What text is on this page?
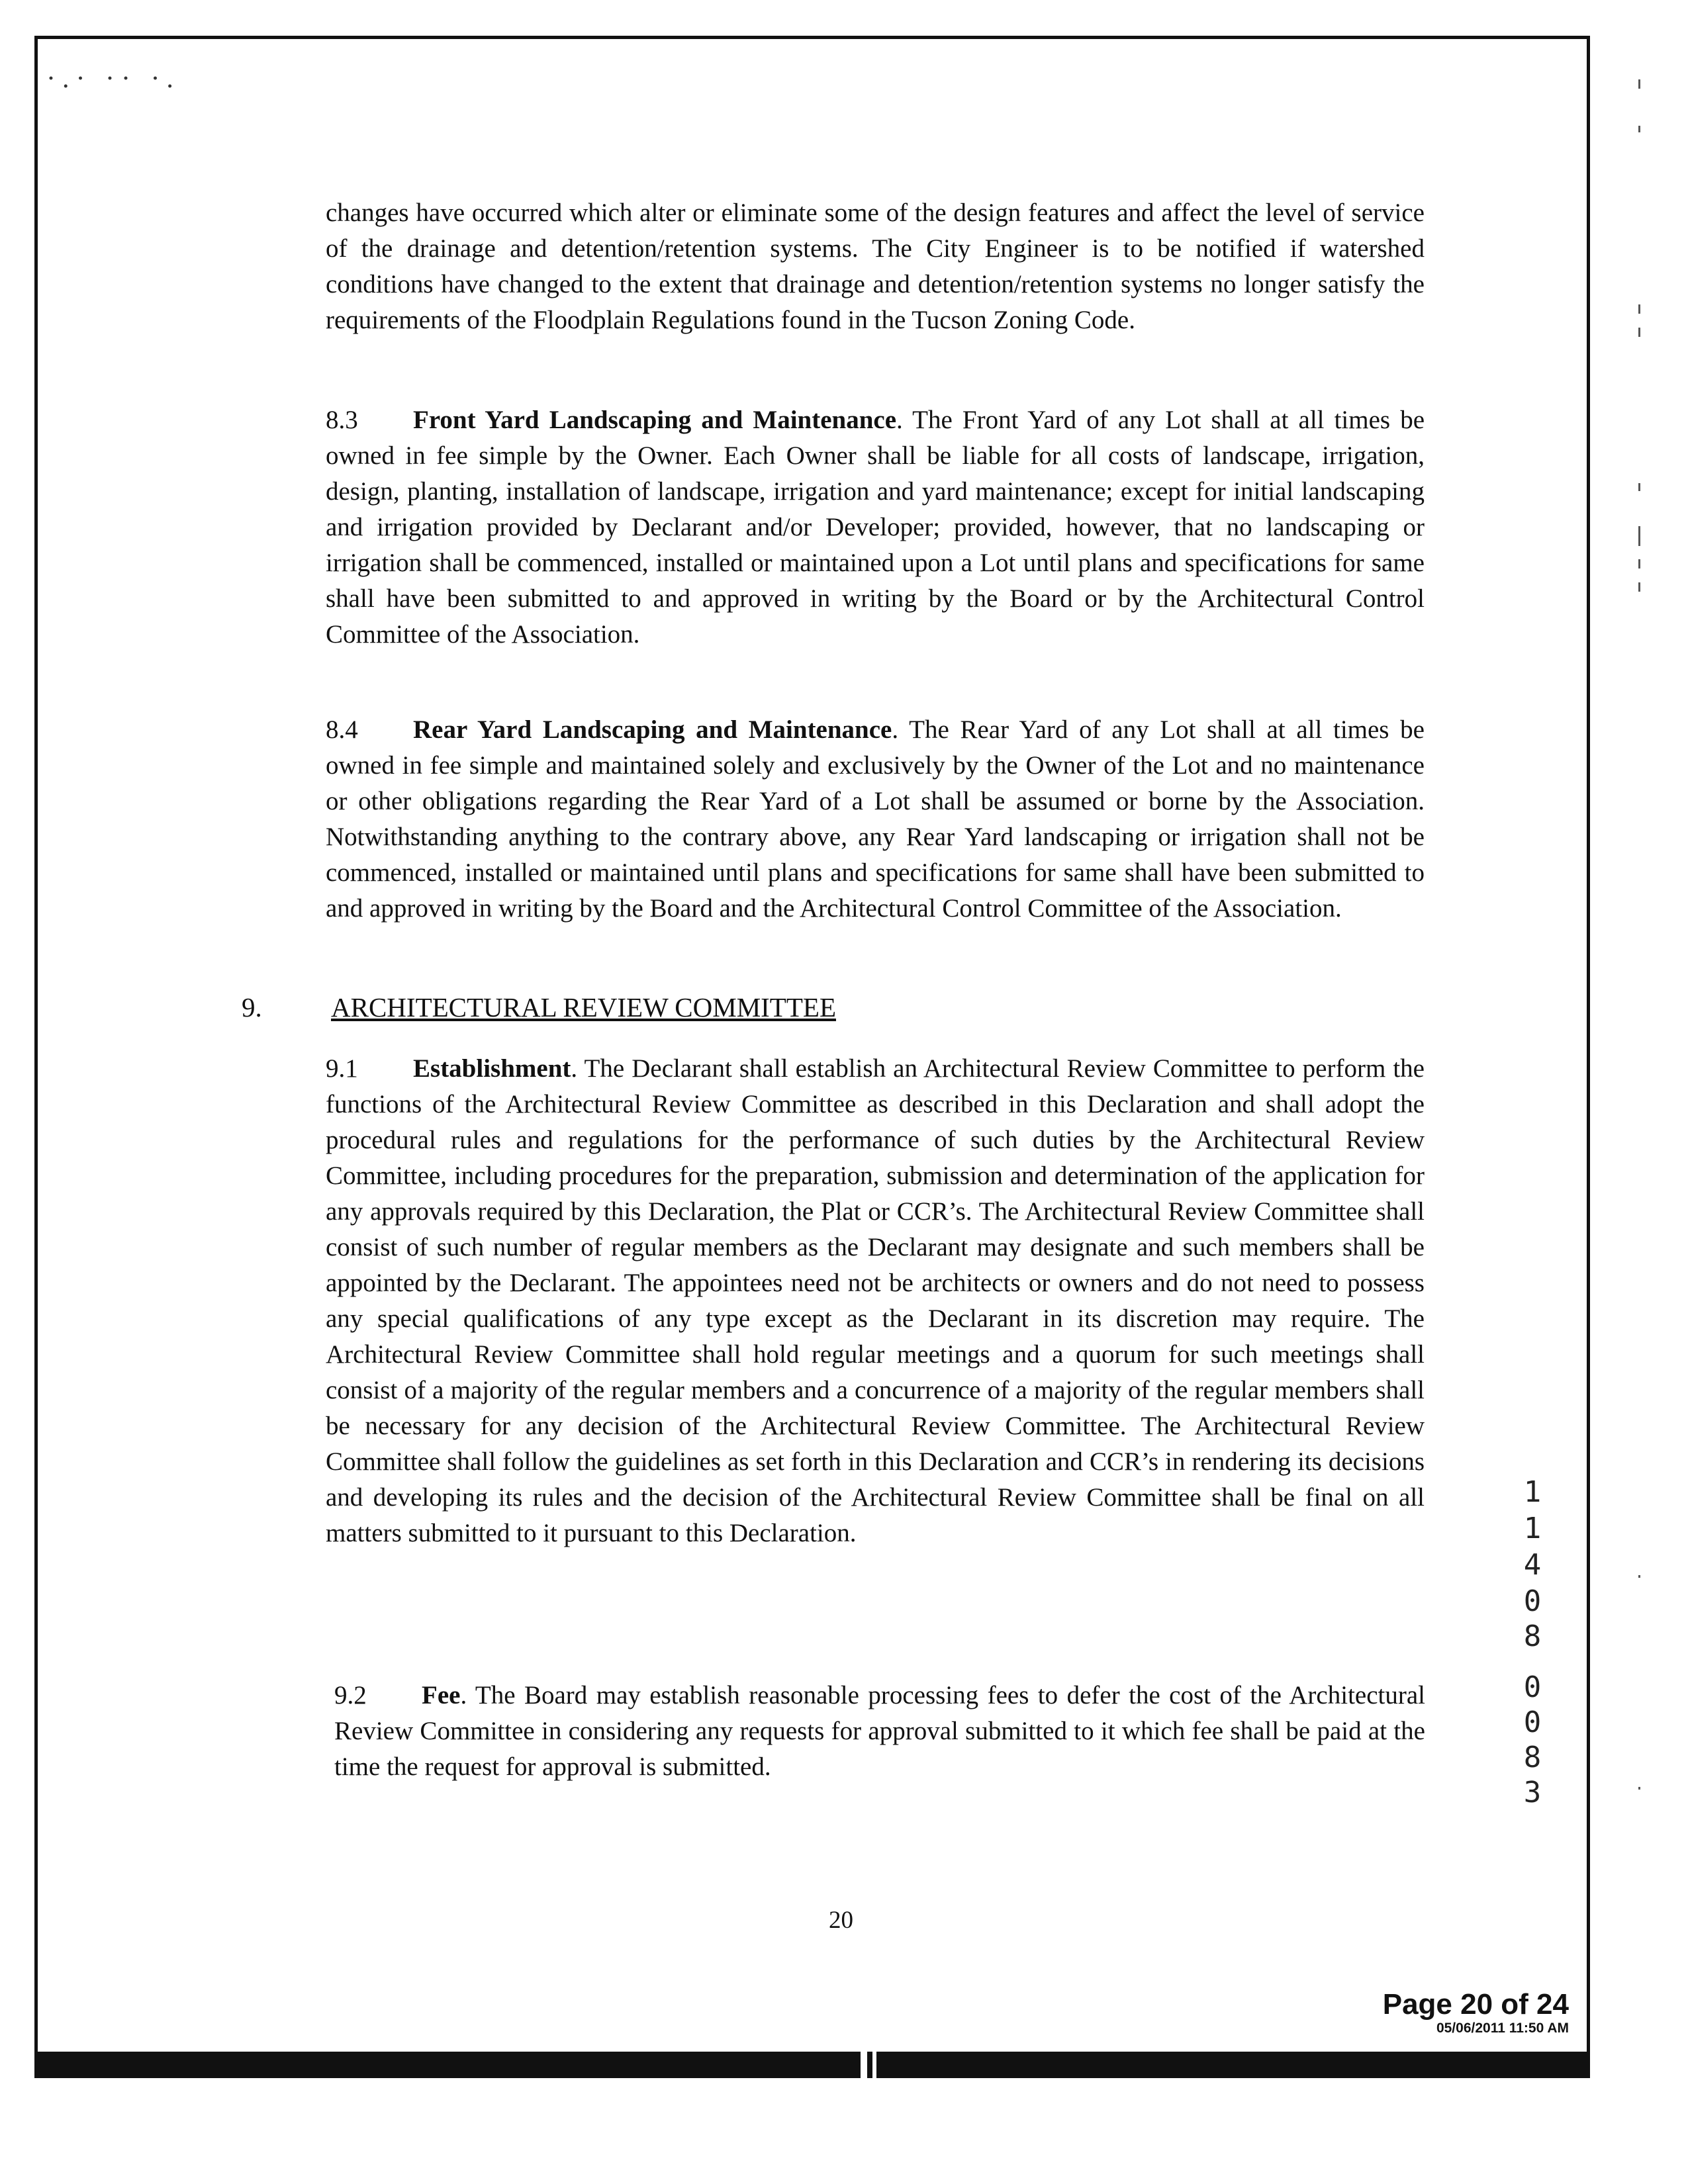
·.· ·· ·.

changes have occurred which alter or eliminate some of the design features and affect the level of service of the drainage and detention/retention systems. The City Engineer is to be notified if watershed conditions have changed to the extent that drainage and detention/retention systems no longer satisfy the requirements of the Floodplain Regulations found in the Tucson Zoning Code.

8.3 Front Yard Landscaping and Maintenance. The Front Yard of any Lot shall at all times be owned in fee simple by the Owner. Each Owner shall be liable for all costs of landscape, irrigation, design, planting, installation of landscape, irrigation and yard maintenance; except for initial landscaping and irrigation provided by Declarant and/or Developer; provided, however, that no landscaping or irrigation shall be commenced, installed or maintained upon a Lot until plans and specifications for same shall have been submitted to and approved in writing by the Board or by the Architectural Control Committee of the Association.

8.4 Rear Yard Landscaping and Maintenance. The Rear Yard of any Lot shall at all times be owned in fee simple and maintained solely and exclusively by the Owner of the Lot and no maintenance or other obligations regarding the Rear Yard of a Lot shall be assumed or borne by the Association. Notwithstanding anything to the contrary above, any Rear Yard landscaping or irrigation shall not be commenced, installed or maintained until plans and specifications for same shall have been submitted to and approved in writing by the Board and the Architectural Control Committee of the Association.

9.	ARCHITECTURAL REVIEW COMMITTEE

9.1 Establishment. The Declarant shall establish an Architectural Review Committee to perform the functions of the Architectural Review Committee as described in this Declaration and shall adopt the procedural rules and regulations for the performance of such duties by the Architectural Review Committee, including procedures for the preparation, submission and determination of the application for any approvals required by this Declaration, the Plat or CCR’s. The Architectural Review Committee shall consist of such number of regular members as the Declarant may designate and such members shall be appointed by the Declarant. The appointees need not be architects or owners and do not need to possess any special qualifications of any type except as the Declarant in its discretion may require. The Architectural Review Committee shall hold regular meetings and a quorum for such meetings shall consist of a majority of the regular members and a concurrence of a majority of the regular members shall be necessary for any decision of the Architectural Review Committee. The Architectural Review Committee shall follow the guidelines as set forth in this Declaration and CCR’s in rendering its decisions and developing its rules and the decision of the Architectural Review Committee shall be final on all matters submitted to it pursuant to this Declaration.

9.2 Fee. The Board may establish reasonable processing fees to defer the cost of the Architectural Review Committee in considering any requests for approval submitted to it which fee shall be paid at the time the request for approval is submitted.

20
Page 20 of 24
05/06/2011 11:50 AM
1
1
4
0
8
0
0
8
3
